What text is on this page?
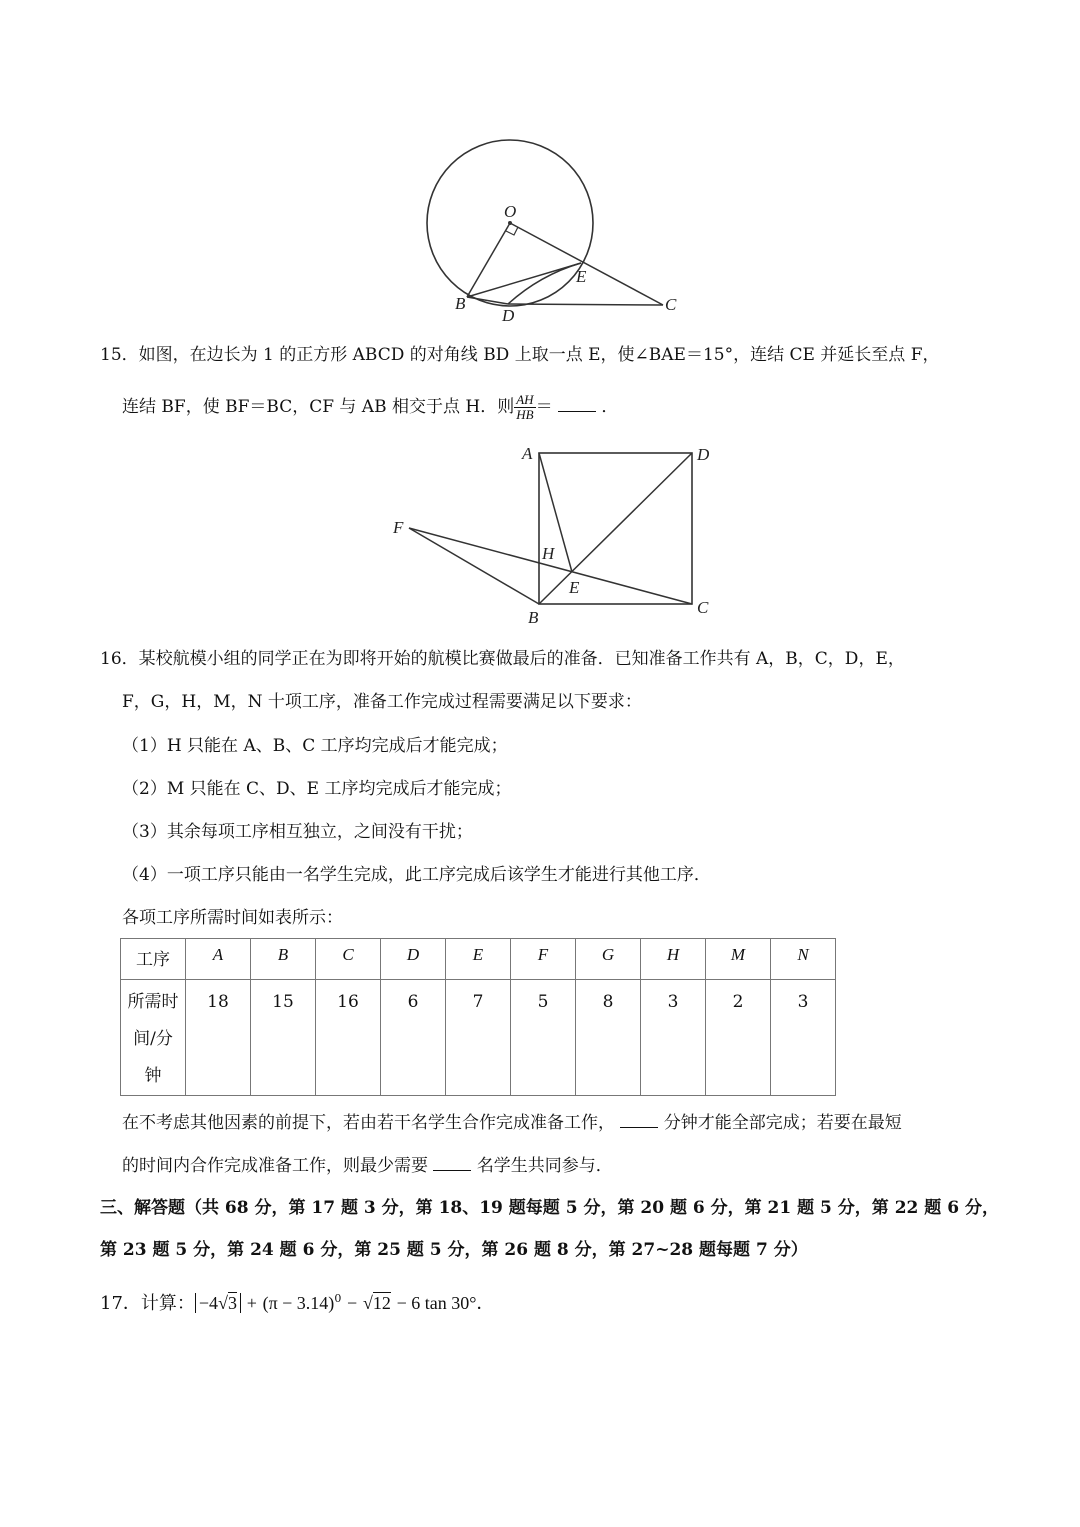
O
E
B
D
C
15．如图，在边长为 1 的正方形 ABCD 的对角线 BD 上取一点 E，使∠BAE＝15°，连结 CE 并延长至点 F，
连结 BF，使 BF＝BC，CF 与 AB 相交于点 H．则 $\frac{AH}{HB}$ ＝	．
A	D
F
H
E
B
C
16．某校航模小组的同学正在为即将开始的航模比赛做最后的准备．已知准备工作共有 A，B，C，D，E，
F，G，H，M，N 十项工序，准备工作完成过程需要满足以下要求：
（1）H 只能在 A、B、C 工序均完成后才能完成；
（2）M 只能在 C、D、E 工序均完成后才能完成；
（3）其余每项工序相互独立，之间没有干扰；
（4）一项工序只能由一名学生完成，此工序完成后该学生才能进行其他工序．
各项工序所需时间如表所示：
工序	A	B	C	D	E	F	G	H	M	N

所需时
间/分
钟	18	15	16	6	7	5	8	3	2	3
在不考虑其他因素的前提下，若由若干名学生合作完成准备工作，	分钟才能全部完成；若要在最短
的时间内合作完成准备工作，则最少需要	名学生共同参与．
三、解答题（共 68 分，第 17 题 3 分，第 18、19 题每题 5 分，第 20 题 6 分，第 21 题 5 分，第 22 题 6 分，
第 23 题 5 分，第 24 题 6 分，第 25 题 5 分，第 26 题 8 分，第 27~28 题每题 7 分）
17．计算： $-4√3 + (\pi - 3.14)^0 - √12 - 6$ tan 30°．
